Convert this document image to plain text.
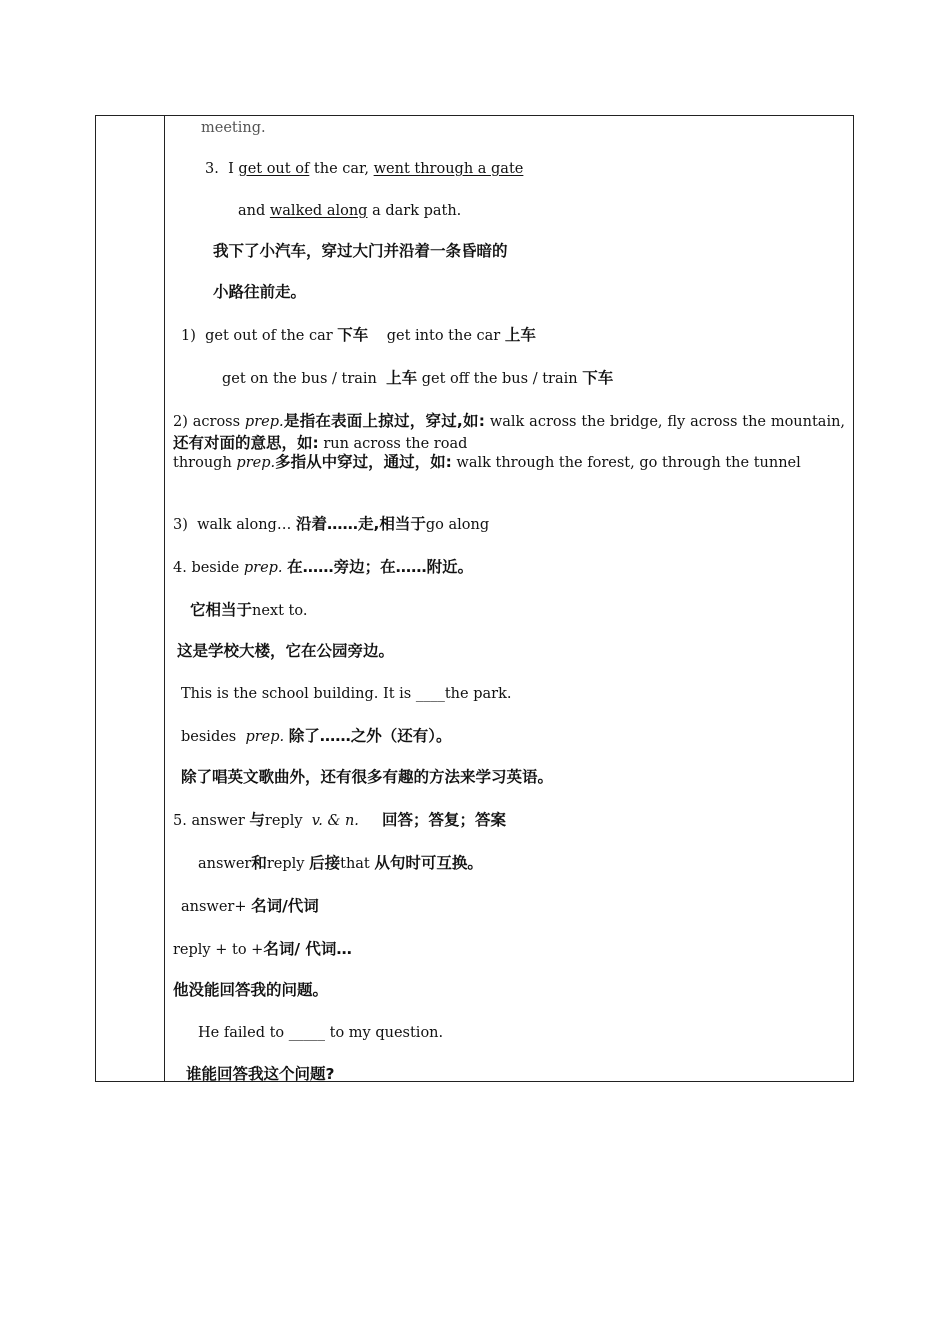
meeting.
3. I get out of the car, went through a gate
and walked along a dark path.
我下了小汽车，穿过大门并沿着一条昏暗的
小路往前走。
1) get out of the car 下车 get into the car 上车
get on the bus / train 上车 get off the bus / train 下车
2) across prep.是指在表面上掠过，穿过,如: walk across the bridge, fly across the mountain, 还有对面的意思，如: run across the road
through prep.多指从中穿过，通过，如: walk through the forest, go through the tunnel
3) walk along… 沿着……走,相当于go along
4. beside prep. 在……旁边；在……附近。
它相当于next to.
这是学校大楼，它在公园旁边。
This is the school building. It is ____the park.
besides prep. 除了……之外（还有）。
除了唱英文歌曲外，还有很多有趣的方法来学习英语。
5. answer 与reply v. & n. 回答；答复；答案
answer和reply 后接that 从句时可互换。
answer+ 名词/代词
reply + to +名词/ 代词…
他没能回答我的问题。
He failed to _____ to my question.
谁能回答我这个问题?
